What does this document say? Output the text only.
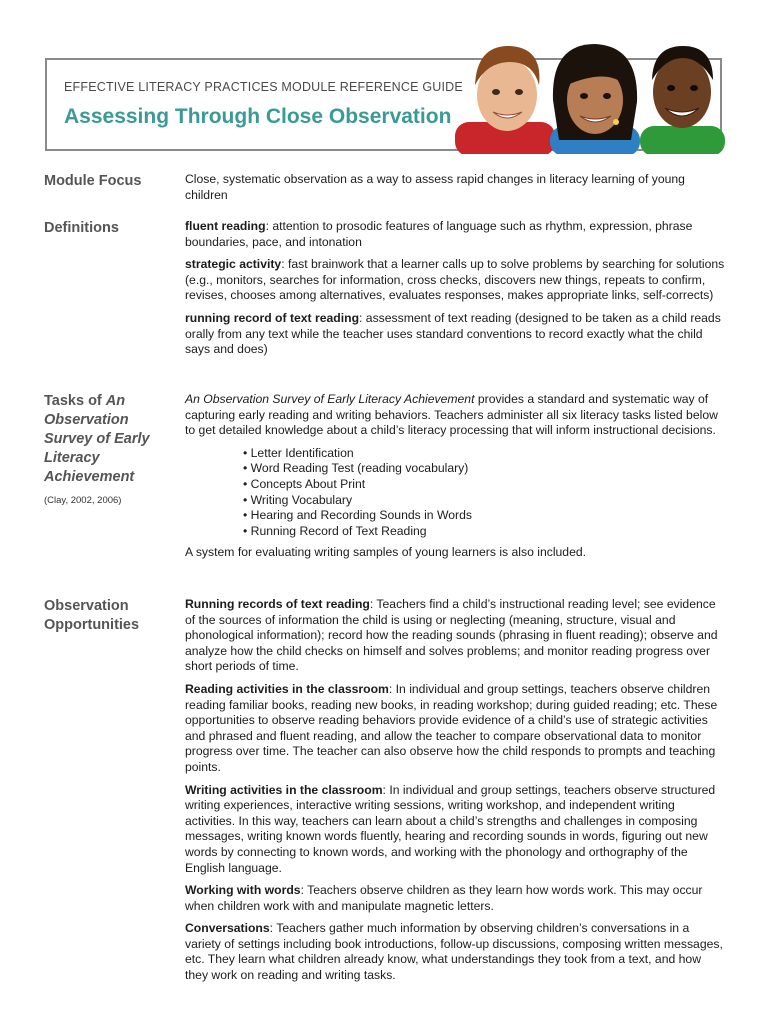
EFFECTIVE LITERACY PRACTICES MODULE REFERENCE GUIDE
Assessing Through Close Observation
Module Focus	Close, systematic observation as a way to assess rapid changes in literacy learning of young children

Definitions	fluent reading: attention to prosodic features of language such as rhythm, expression, phrase boundaries, pace, and intonation

strategic activity: fast brainwork that a learner calls up to solve problems by searching for solutions (e.g., monitors, searches for information, cross checks, discovers new things, repeats to confirm, revises, chooses among alternatives, evaluates responses, makes appropriate links, self-corrects)

running record of text reading: assessment of text reading (designed to be taken as a child reads orally from any text while the teacher uses standard conventions to record exactly what the child says and does)

Tasks of An Observation Survey of Early Literacy Achievement
(Clay, 2002, 2006)

An Observation Survey of Early Literacy Achievement provides a standard and systematic way of capturing early reading and writing behaviors. Teachers administer all six literacy tasks listed below to get detailed knowledge about a child’s literacy processing that will inform instructional decisions.

• Letter Identification
• Word Reading Test (reading vocabulary)
• Concepts About Print
• Writing Vocabulary
• Hearing and Recording Sounds in Words
• Running Record of Text Reading

A system for evaluating writing samples of young learners is also included.

Observation Opportunities

Running records of text reading: Teachers find a child’s instructional reading level; see evidence of the sources of information the child is using or neglecting (meaning, structure, visual and phonological information); record how the reading sounds (phrasing in fluent reading); observe and analyze how the child checks on himself and solves problems; and monitor reading progress over short periods of time.

Reading activities in the classroom: In individual and group settings, teachers observe children reading familiar books, reading new books, in reading workshop; during guided reading; etc. These opportunities to observe reading behaviors provide evidence of a child’s use of strategic activities and phrased and fluent reading, and allow the teacher to compare observational data to monitor progress over time. The teacher can also observe how the child responds to prompts and teaching points.

Writing activities in the classroom: In individual and group settings, teachers observe structured writing experiences, interactive writing sessions, writing workshop, and independent writing activities. In this way, teachers can learn about a child’s strengths and challenges in composing messages, writing known words fluently, hearing and recording sounds in words, figuring out new words by connecting to known words, and working with the phonology and orthography of the English language.

Working with words: Teachers observe children as they learn how words work. This may occur when children work with and manipulate magnetic letters.

Conversations: Teachers gather much information by observing children’s conversations in a variety of settings including book introductions, follow-up discussions, composing written messages, etc. They learn what children already know, what understandings they took from a text, and how they work on reading and writing tasks.
